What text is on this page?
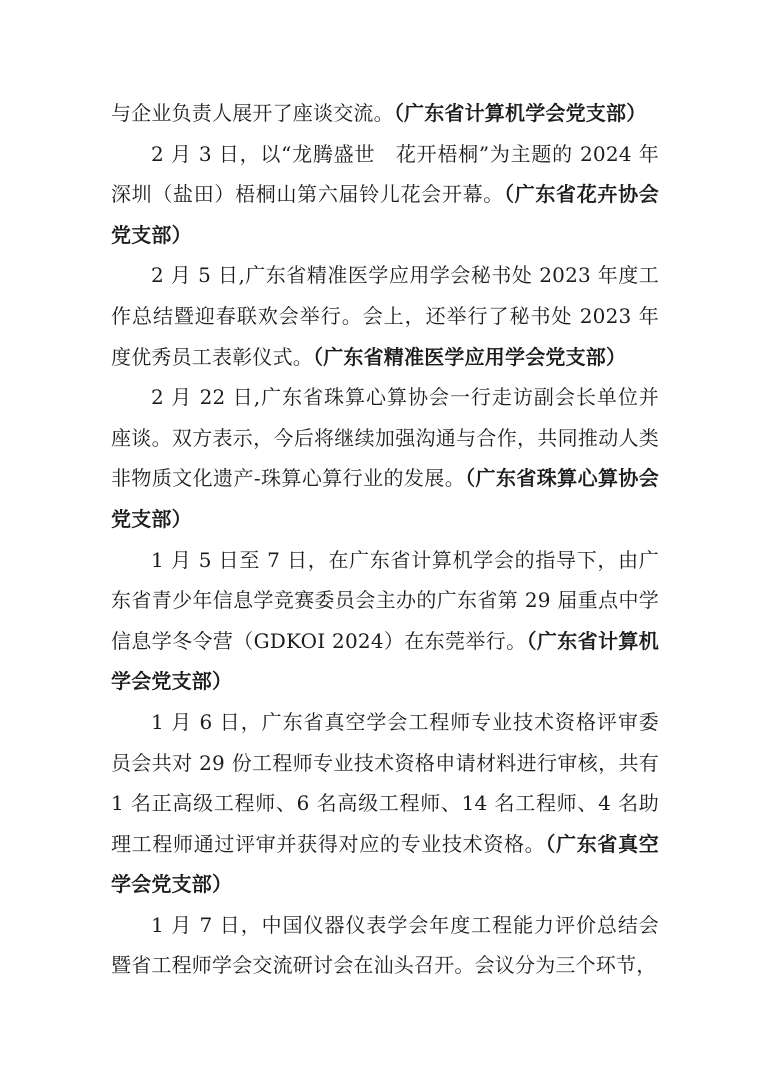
与企业负责人展开了座谈交流。（广东省计算机学会党支部）

2 月 3 日，以“龙腾盛世　花开梧桐”为主题的 2024 年深圳（盐田）梧桐山第六届铃儿花会开幕。（广东省花卉协会党支部）

2 月 5 日,广东省精准医学应用学会秘书处 2023 年度工作总结暨迎春联欢会举行。会上，还举行了秘书处 2023 年度优秀员工表彰仪式。（广东省精准医学应用学会党支部）

2 月 22 日,广东省珠算心算协会一行走访副会长单位并座谈。双方表示，今后将继续加强沟通与合作，共同推动人类非物质文化遗产-珠算心算行业的发展。（广东省珠算心算协会党支部）

1 月 5 日至 7 日，在广东省计算机学会的指导下，由广东省青少年信息学竞赛委员会主办的广东省第 29 届重点中学信息学冬令营（GDKOI 2024）在东莞举行。（广东省计算机学会党支部）

1 月 6 日，广东省真空学会工程师专业技术资格评审委员会共对 29 份工程师专业技术资格申请材料进行审核，共有 1 名正高级工程师、6 名高级工程师、14 名工程师、4 名助理工程师通过评审并获得对应的专业技术资格。（广东省真空学会党支部）

1 月 7 日，中国仪器仪表学会年度工程能力评价总结会暨省工程师学会交流研讨会在汕头召开。会议分为三个环节，
